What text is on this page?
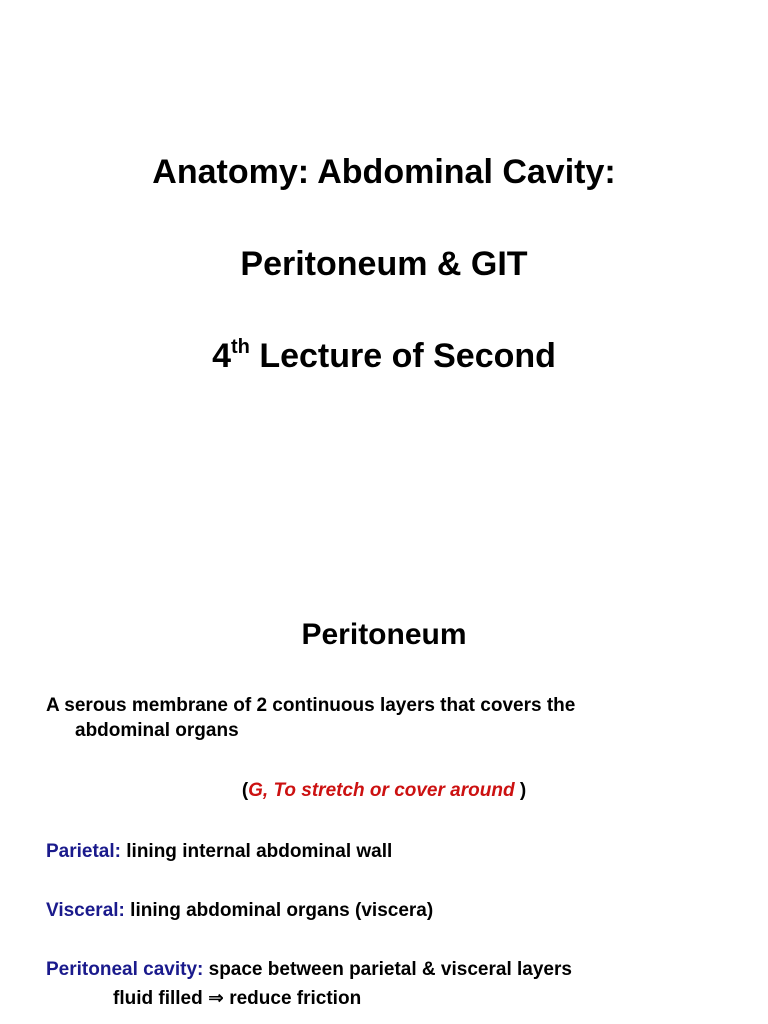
Anatomy: Abdominal Cavity:
Peritoneum & GIT
4th Lecture of Second
Peritoneum
A serous membrane of 2 continuous layers that covers the
abdominal organs
(G, To stretch or cover around )
Parietal: lining internal abdominal wall
Visceral: lining abdominal organs (viscera)
Peritoneal cavity: space between parietal & visceral layers
fluid filled ⇒ reduce friction
